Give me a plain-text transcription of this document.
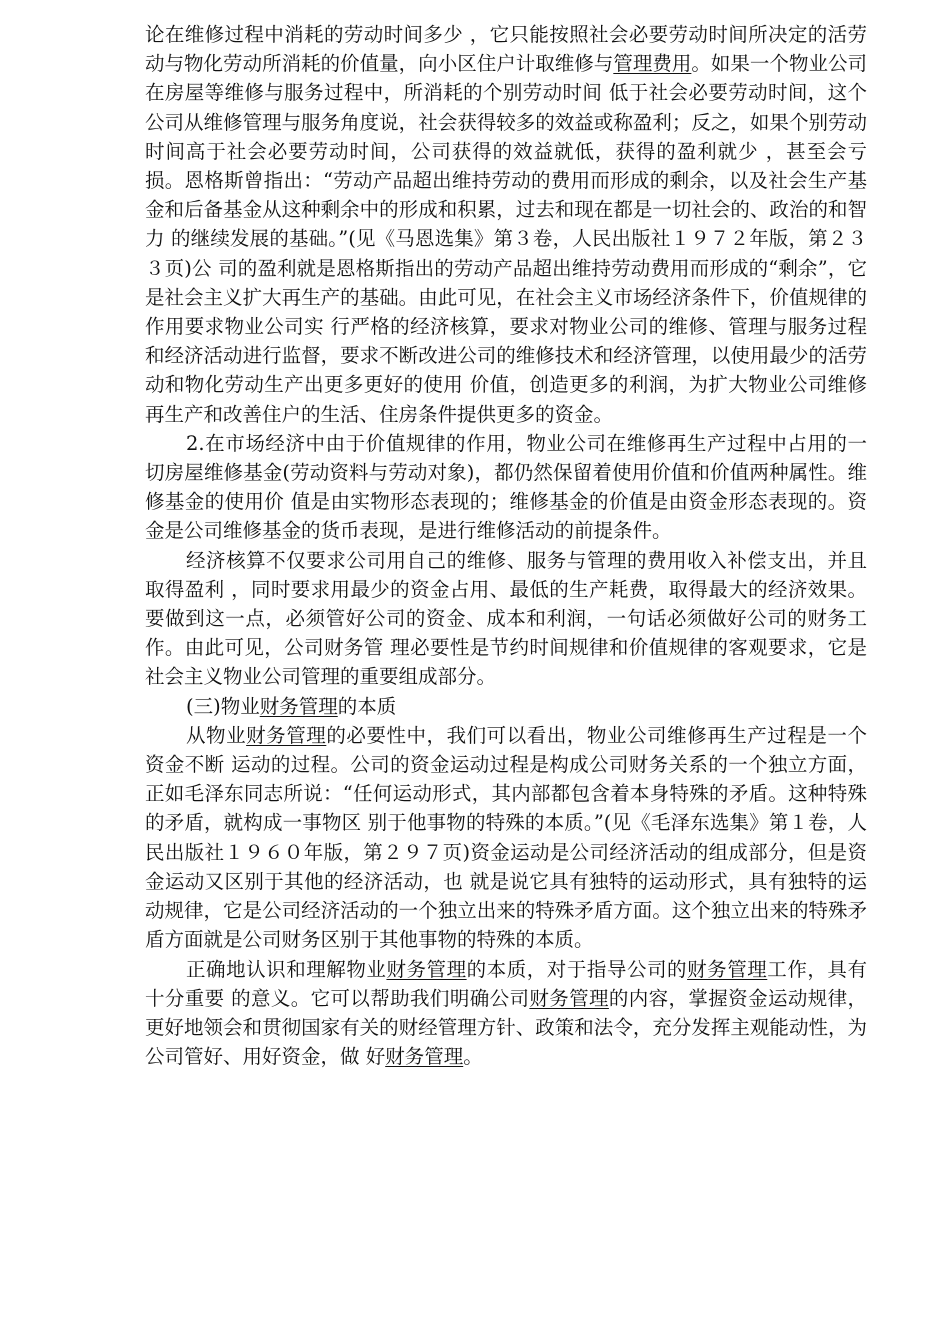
论在维修过程中消耗的劳动时间多少 ，它只能按照社会必要劳动时间所决定的活劳动与物化劳动所消耗的价值量，向小区住户计取维修与管理费用。如果一个物业公司在房屋等维修与服务过程中，所消耗的个别劳动时间 低于社会必要劳动时间，这个公司从维修管理与服务角度说，社会获得较多的效益或称盈利；反之，如果个别劳动时间高于社会必要劳动时间，公司获得的效益就低，获得的盈利就少 ，甚至会亏损。恩格斯曾指出：“劳动产品超出维持劳动的费用而形成的剩余，以及社会生产基金和后备基金从这种剩余中的形成和积累，过去和现在都是一切社会的、政治的和智力 的继续发展的基础。”(见《马恩选集》第３卷，人民出版社１９７２年版，第２３３页)公 司的盈利就是恩格斯指出的劳动产品超出维持劳动费用而形成的“剩余”，它是社会主义扩大再生产的基础。由此可见，在社会主义市场经济条件下，价值规律的作用要求物业公司实 行严格的经济核算，要求对物业公司的维修、管理与服务过程和经济活动进行监督，要求不断改进公司的维修技术和经济管理，以使用最少的活劳动和物化劳动生产出更多更好的使用 价值，创造更多的利润，为扩大物业公司维修再生产和改善住户的生活、住房条件提供更多的资金。

2.在市场经济中由于价值规律的作用，物业公司在维修再生产过程中占用的一切房屋维修基金(劳动资料与劳动对象)，都仍然保留着使用价值和价值两种属性。维修基金的使用价 值是由实物形态表现的；维修基金的价值是由资金形态表现的。资金是公司维修基金的货币表现，是进行维修活动的前提条件。

经济核算不仅要求公司用自己的维修、服务与管理的费用收入补偿支出，并且取得盈利 ，同时要求用最少的资金占用、最低的生产耗费，取得最大的经济效果。要做到这一点，必须管好公司的资金、成本和利润，一句话必须做好公司的财务工作。由此可见，公司财务管 理必要性是节约时间规律和价值规律的客观要求，它是社会主义物业公司管理的重要组成部分。

(三)物业财务管理的本质

从物业财务管理的必要性中，我们可以看出，物业公司维修再生产过程是一个资金不断 运动的过程。公司的资金运动过程是构成公司财务关系的一个独立方面，正如毛泽东同志所说：“任何运动形式，其内部都包含着本身特殊的矛盾。这种特殊的矛盾，就构成一事物区 别于他事物的特殊的本质。”(见《毛泽东选集》第１卷，人民出版社１９６０年版，第２９７页)资金运动是公司经济活动的组成部分，但是资金运动又区别于其他的经济活动，也 就是说它具有独特的运动形式，具有独特的运动规律，它是公司经济活动的一个独立出来的特殊矛盾方面。这个独立出来的特殊矛盾方面就是公司财务区别于其他事物的特殊的本质。

正确地认识和理解物业财务管理的本质，对于指导公司的财务管理工作，具有十分重要 的意义。它可以帮助我们明确公司财务管理的内容，掌握资金运动规律，更好地领会和贯彻国家有关的财经管理方针、政策和法令，充分发挥主观能动性，为公司管好、用好资金，做 好财务管理。
